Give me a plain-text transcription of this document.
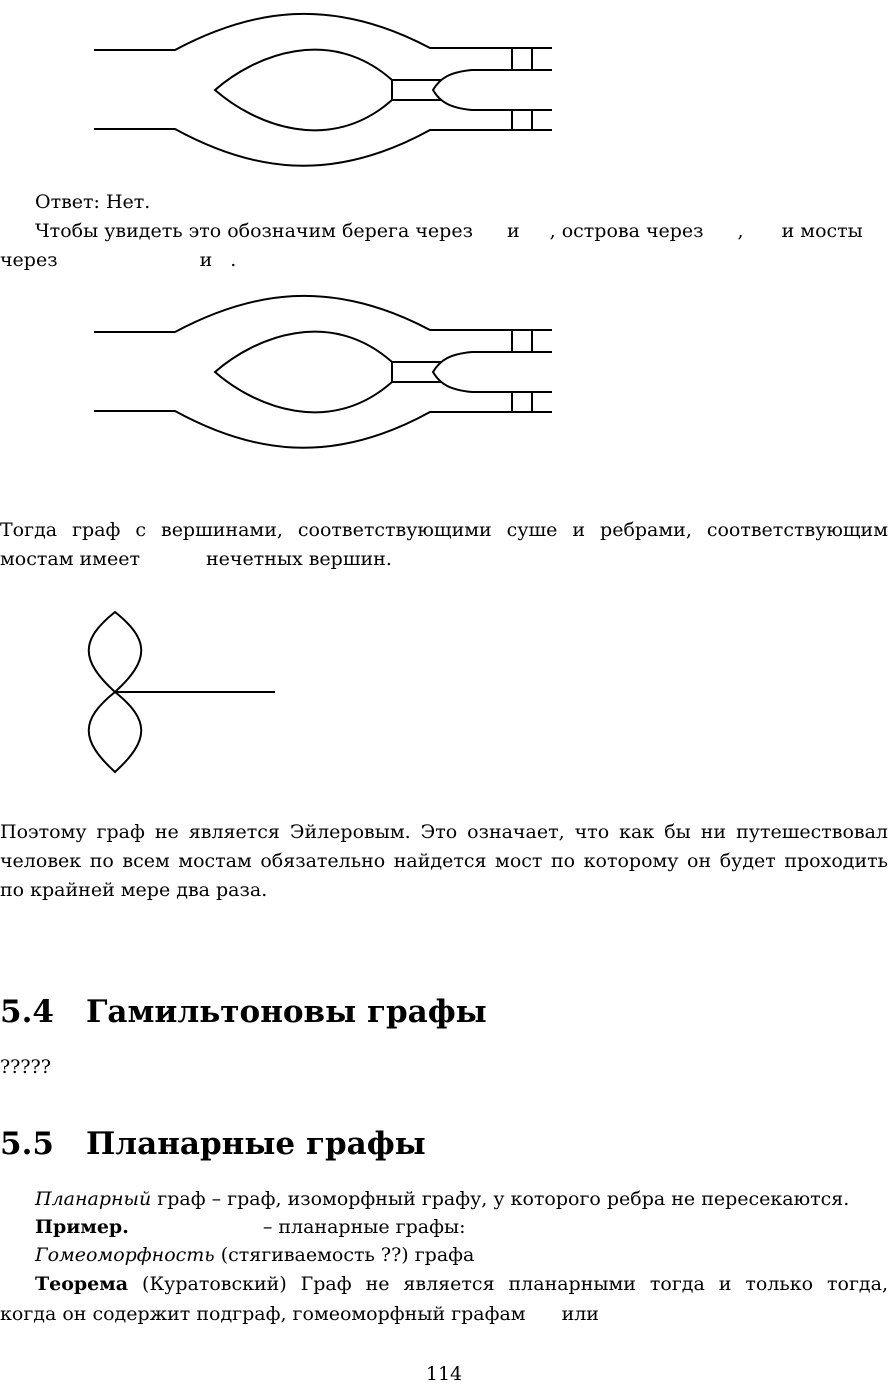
Ответ: Нет.
Чтобы увидеть это обозначим берега через и , острова через , и мосты
через	и .
Тогда граф с вершинами, соответствующими суше и ребрами, соответствующим
мостам имеет	нечетных вершин.
Поэтому граф не является Эйлеровым. Это означает, что как бы ни путешествовал
человек по всем мостам обязательно найдется мост по которому он будет проходить
по крайней мере два раза.
5.4 Гамильтоновы графы
?????
5.5 Планарные графы
Планарный граф – граф, изоморфный графу, у которого ребра не пересекаются.
Пример.	– планарные графы:
Гомеоморфность (стягиваемость ??) графа
Теорема (Куратовский) Граф не является планарными тогда и только тогда,
когда он содержит подграф, гомеоморфный графам или
114
